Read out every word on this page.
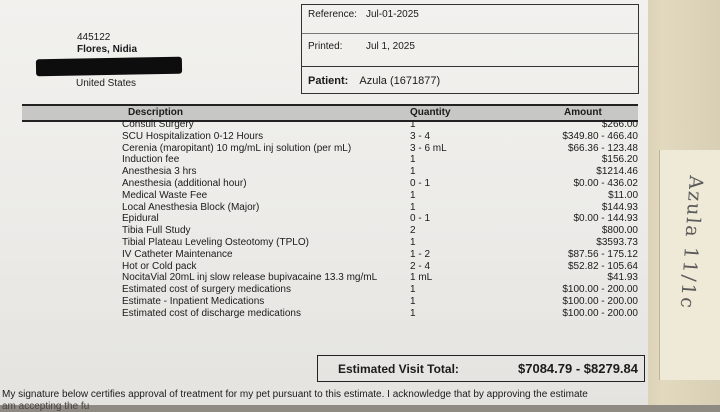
Azula 11/1c
445122
Flores, Nidia
United States
Reference: Jul-01-2025
Printed: Jul 1, 2025
Patient: Azula (1671877)
Description	Quantity	Amount
Consult Surgery	1	$266.00
SCU Hospitalization 0-12 Hours	3 - 4	$349.80 - 466.40
Cerenia (maropitant) 10 mg/mL inj solution (per mL)	3 - 6 mL	$66.36 - 123.48
Induction fee	1	$156.20
Anesthesia 3 hrs	1	$1214.46
Anesthesia (additional hour)	0 - 1	$0.00 - 436.02
Medical Waste Fee	1	$11.00
Local Anesthesia Block (Major)	1	$144.93
Epidural	0 - 1	$0.00 - 144.93
Tibia Full Study	2	$800.00
Tibial Plateau Leveling Osteotomy (TPLO)	1	$3593.73
IV Catheter Maintenance	1 - 2	$87.56 - 175.12
Hot or Cold pack	2 - 4	$52.82 - 105.64
NocitaVial 20mL inj slow release bupivacaine 13.3 mg/mL	1 mL	$41.93
Estimated cost of surgery medications	1	$100.00 - 200.00
Estimate - Inpatient Medications	1	$100.00 - 200.00
Estimated cost of discharge medications	1	$100.00 - 200.00
Estimated Visit Total:	$7084.79 - $8279.84
My signature below certifies approval of treatment for my pet pursuant to this estimate. I acknowledge that by approving the estimate
am accepting the fu
